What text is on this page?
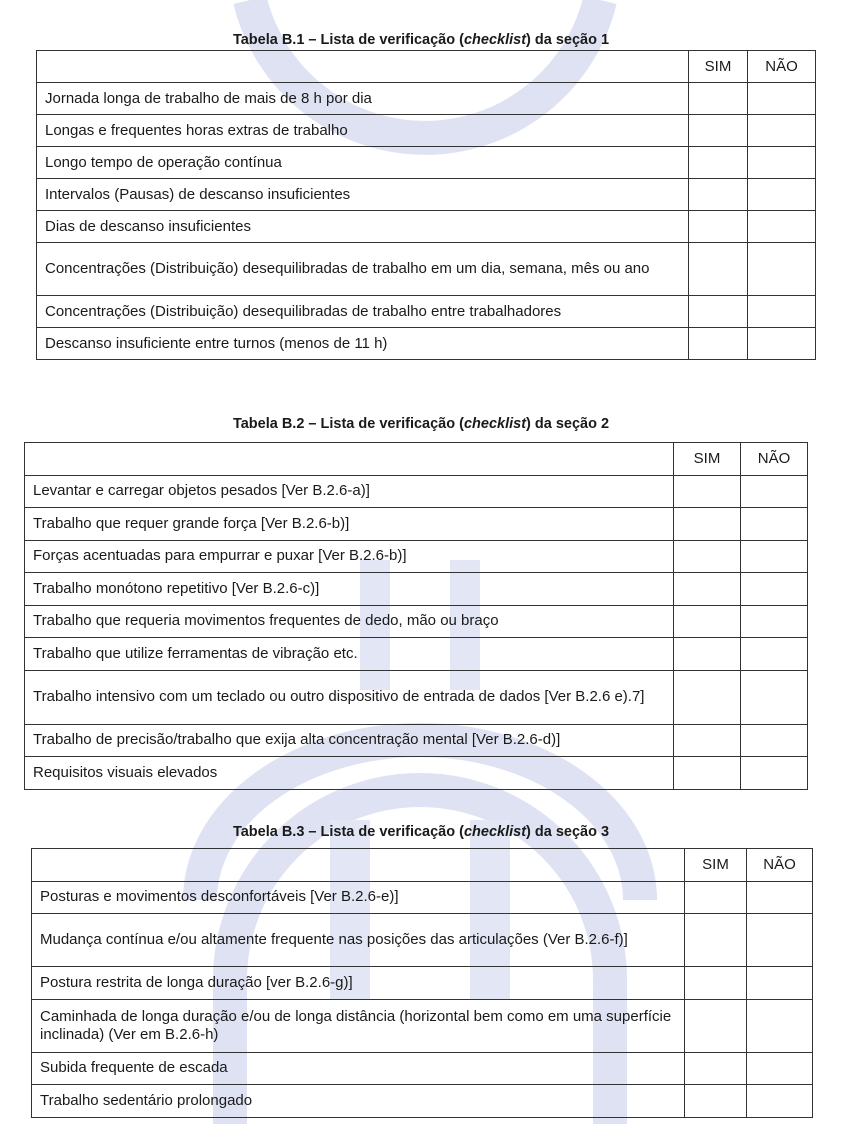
Tabela B.1 – Lista de verificação (checklist) da seção 1
	SIM	NÃO
Jornada longa de trabalho de mais de 8 h por dia		
Longas e frequentes horas extras de trabalho		
Longo tempo de operação contínua		
Intervalos (Pausas) de descanso insuficientes		
Dias de descanso insuficientes		
Concentrações (Distribuição) desequilibradas de trabalho em um dia, semana, mês ou ano		
Concentrações (Distribuição) desequilibradas de trabalho entre trabalhadores		
Descanso insuficiente entre turnos (menos de 11 h)		
Tabela B.2 – Lista de verificação (checklist) da seção 2
	SIM	NÃO
Levantar e carregar objetos pesados [Ver B.2.6-a)]		
Trabalho que requer grande força [Ver B.2.6-b)]		
Forças acentuadas para empurrar e puxar [Ver B.2.6-b)]		
Trabalho monótono repetitivo [Ver B.2.6-c)]		
Trabalho que requeria movimentos frequentes de dedo, mão ou braço		
Trabalho que utilize ferramentas de vibração etc.		
Trabalho intensivo com um teclado ou outro dispositivo de entrada de dados [Ver B.2.6 e).7]		
Trabalho de precisão/trabalho que exija alta concentração mental [Ver B.2.6-d)]		
Requisitos visuais elevados		
Tabela B.3 – Lista de verificação (checklist) da seção 3
	SIM	NÃO
Posturas e movimentos desconfortáveis [Ver B.2.6-e)]		
Mudança contínua e/ou altamente frequente nas posições das articulações (Ver B.2.6-f)]		
Postura restrita de longa duração [ver B.2.6-g)]		
Caminhada de longa duração e/ou de longa distância (horizontal bem como em uma superfície inclinada) (Ver em B.2.6-h)		
Subida frequente de escada		
Trabalho sedentário prolongado		
